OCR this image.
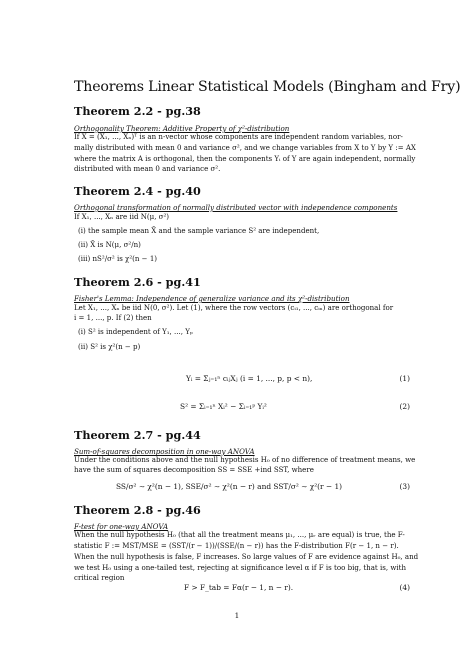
Theorems Linear Statistical Models (Bingham and Fry)
Theorem 2.2 - pg.38
Orthogonality Theorem: Additive Property of χ²-distribution

If X = (X₁, ..., Xₙ)ᵀ is an n-vector whose components are independent random variables, nor-

mally distributed with mean 0 and variance σ², and we change variables from X to Y by Y := AX

where the matrix A is orthogonal, then the components Yᵢ of Y are again independent, normally

distributed with mean 0 and variance σ².

Theorem 2.4 - pg.40
Orthogonal transformation of normally distributed vector with independence components

If X₁, ..., Xₙ are iid N(μ, σ²)

(i) the sample mean X̄ and the sample variance S² are independent,

(ii) X̄ is N(μ, σ²/n)

(iii) nS²/σ² is χ²(n − 1)

Theorem 2.6 - pg.41
Fisher's Lemma: Independence of generalize variance and its χ²-distribution

Let X₁, ..., Xₙ be iid N(0, σ²). Let (1), where the row vectors (cᵢ₁, ..., cᵢₙ) are orthogonal for

i = 1, ..., p. If (2) then

(i) S² is independent of Y₁, ..., Yₚ

(ii) S² is χ²(n − p)

Yᵢ = Σⱼ₌₁ⁿ cᵢⱼXⱼ (i = 1, ..., p, p < n),	(1)
S² = Σᵢ₌₁ⁿ Xᵢ² − Σᵢ₌₁ᵖ Yᵢ²	(2)
Theorem 2.7 - pg.44
Sum-of-squares decomposition in one-way ANOVA

Under the conditions above and the null hypothesis H₀ of no difference of treatment means, we

have the sum of squares decomposition SS = SSE +ind SST, where

SS/σ² ∼ χ²(n − 1), SSE/σ² ∼ χ²(n − r) and SST/σ² ∼ χ²(r − 1)	(3)
Theorem 2.8 - pg.46
F-test for one-way ANOVA

When the null hypothesis H₀ (that all the treatment means μ₁, ..., μᵣ are equal) is true, the F-

statistic F := MST/MSE = (SST/(r − 1))/(SSE/(n − r)) has the F-distribution F(r − 1, n − r).

When the null hypothesis is false, F increases. So large values of F are evidence against H₀, and

we test H₀ using a one-tailed test, rejecting at significance level α if F is too big, that is, with

critical region

F > F_tab = Fα(r − 1, n − r).	(4)
1
